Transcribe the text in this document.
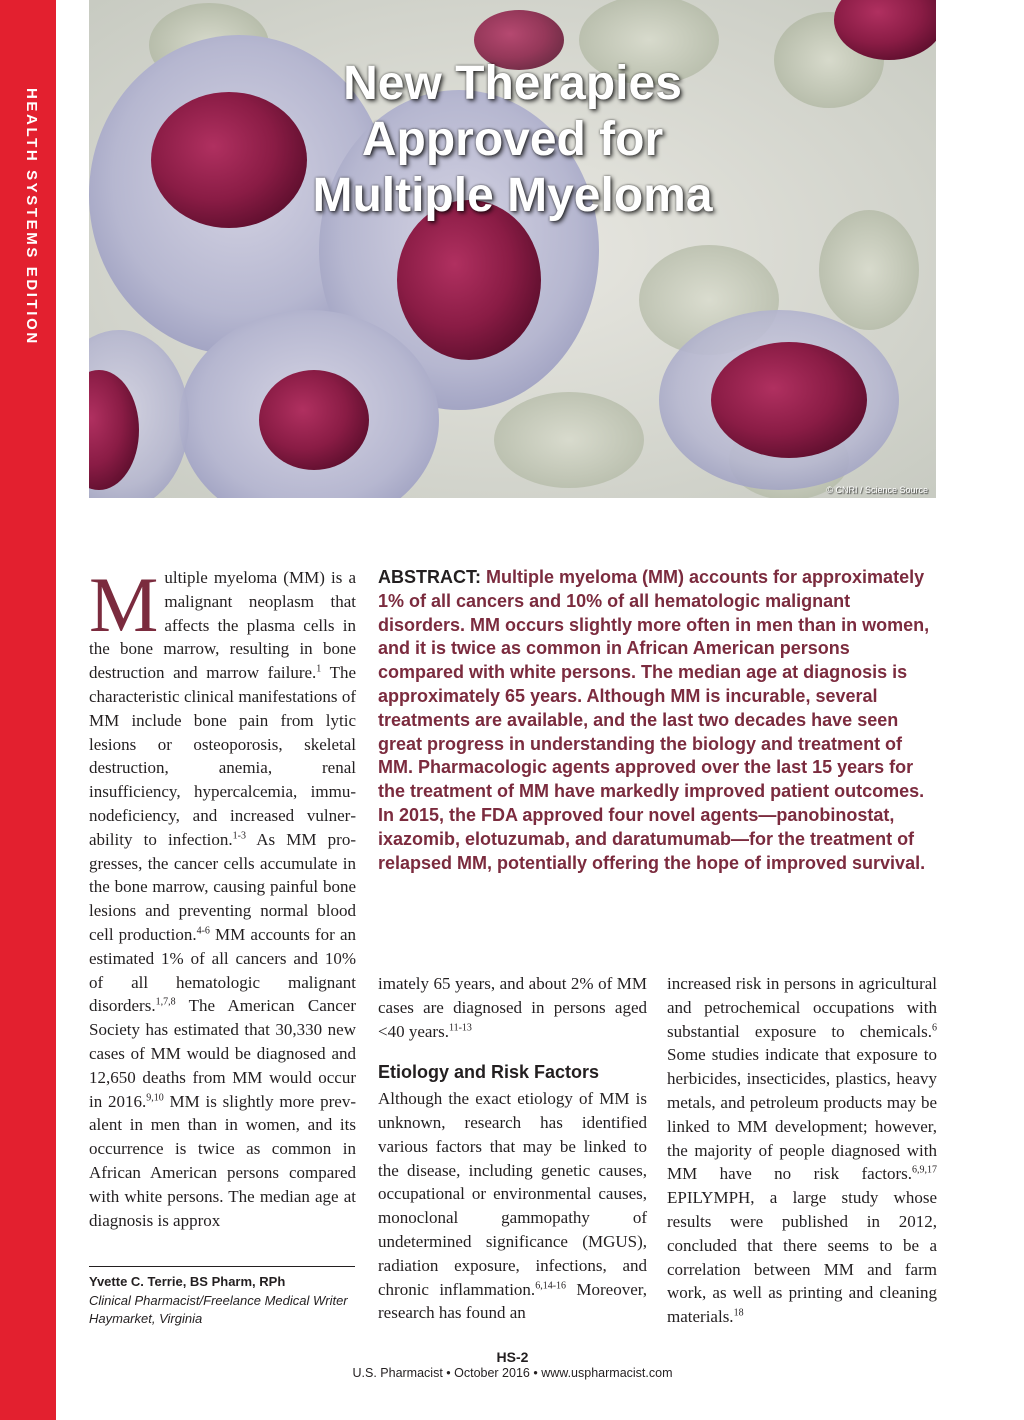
HEALTH SYSTEMS EDITION
New Therapies
Approved for
Multiple Myeloma
© CNRI / Science Source

Multiple myeloma (MM) is a malignant neoplasm that affects the plasma cells in the bone marrow, resulting in bone destruction and marrow failure.$^1$ The characteristic clinical manifestations of MM include bone pain from lytic lesions or osteoporosis, skeletal destruction, anemia, renal insufficiency, hypercalcemia, immunodeficiency, and increased vulnerability to infection.$^{1-3}$ As MM progresses, the cancer cells accumulate in the bone marrow, causing painful bone lesions and preventing normal blood cell production.$^{4-6}$ MM accounts for an estimated 1% of all cancers and 10% of all hematologic malignant disorders.$^{1,7,8}$ The American Cancer Society has estimated that 30,330 new cases of MM would be diagnosed and 12,650 deaths from MM would occur in 2016.$^{9,10}$ MM is slightly more prevalent in men than in women, and its occurrence is twice as common in African American persons compared with white persons. The median age at diagnosis is approx

ABSTRACT: Multiple myeloma (MM) accounts for approximately 1% of all cancers and 10% of all hematologic malignant disorders. MM occurs slightly more often in men than in women, and it is twice as common in African American persons compared with white persons. The median age at diagnosis is approximately 65 years. Although MM is incurable, several treatments are available, and the last two decades have seen great progress in understanding the biology and treatment of MM. Pharmacologic agents approved over the last 15 years for the treatment of MM have markedly improved patient outcomes. In 2015, the FDA approved four novel agents—panobinostat, ixazomib, elotuzumab, and daratumumab—for the treatment of relapsed MM, potentially offering the hope of improved survival.

imately 65 years, and about 2% of MM cases are diagnosed in persons aged <40 years.$^{11-13}$

Etiology and Risk Factors

Although the exact etiology of MM is unknown, research has identified various factors that may be linked to the disease, including genetic causes, occupational or environmental causes, monoclonal gammopathy of undetermined significance (MGUS), radiation exposure, infections, and chronic inflammation.$^{6,14-16}$ Moreover, research has found an

increased risk in persons in agricultural and petrochemical occupations with substantial exposure to chemicals.$^6$ Some studies indicate that exposure to herbicides, insecticides, plastics, heavy metals, and petroleum products may be linked to MM development; however, the majority of people diagnosed with MM have no risk factors.$^{6,9,17}$ EPILYMPH, a large study whose results were published in 2012, concluded that there seems to be a correlation between MM and farm work, as well as printing and cleaning materials.$^{18}$

Yvette C. Terrie, BS Pharm, RPh
Clinical Pharmacist/Freelance Medical Writer
Haymarket, Virginia
HS-2
U.S. Pharmacist • October 2016 • www.uspharmacist.com
